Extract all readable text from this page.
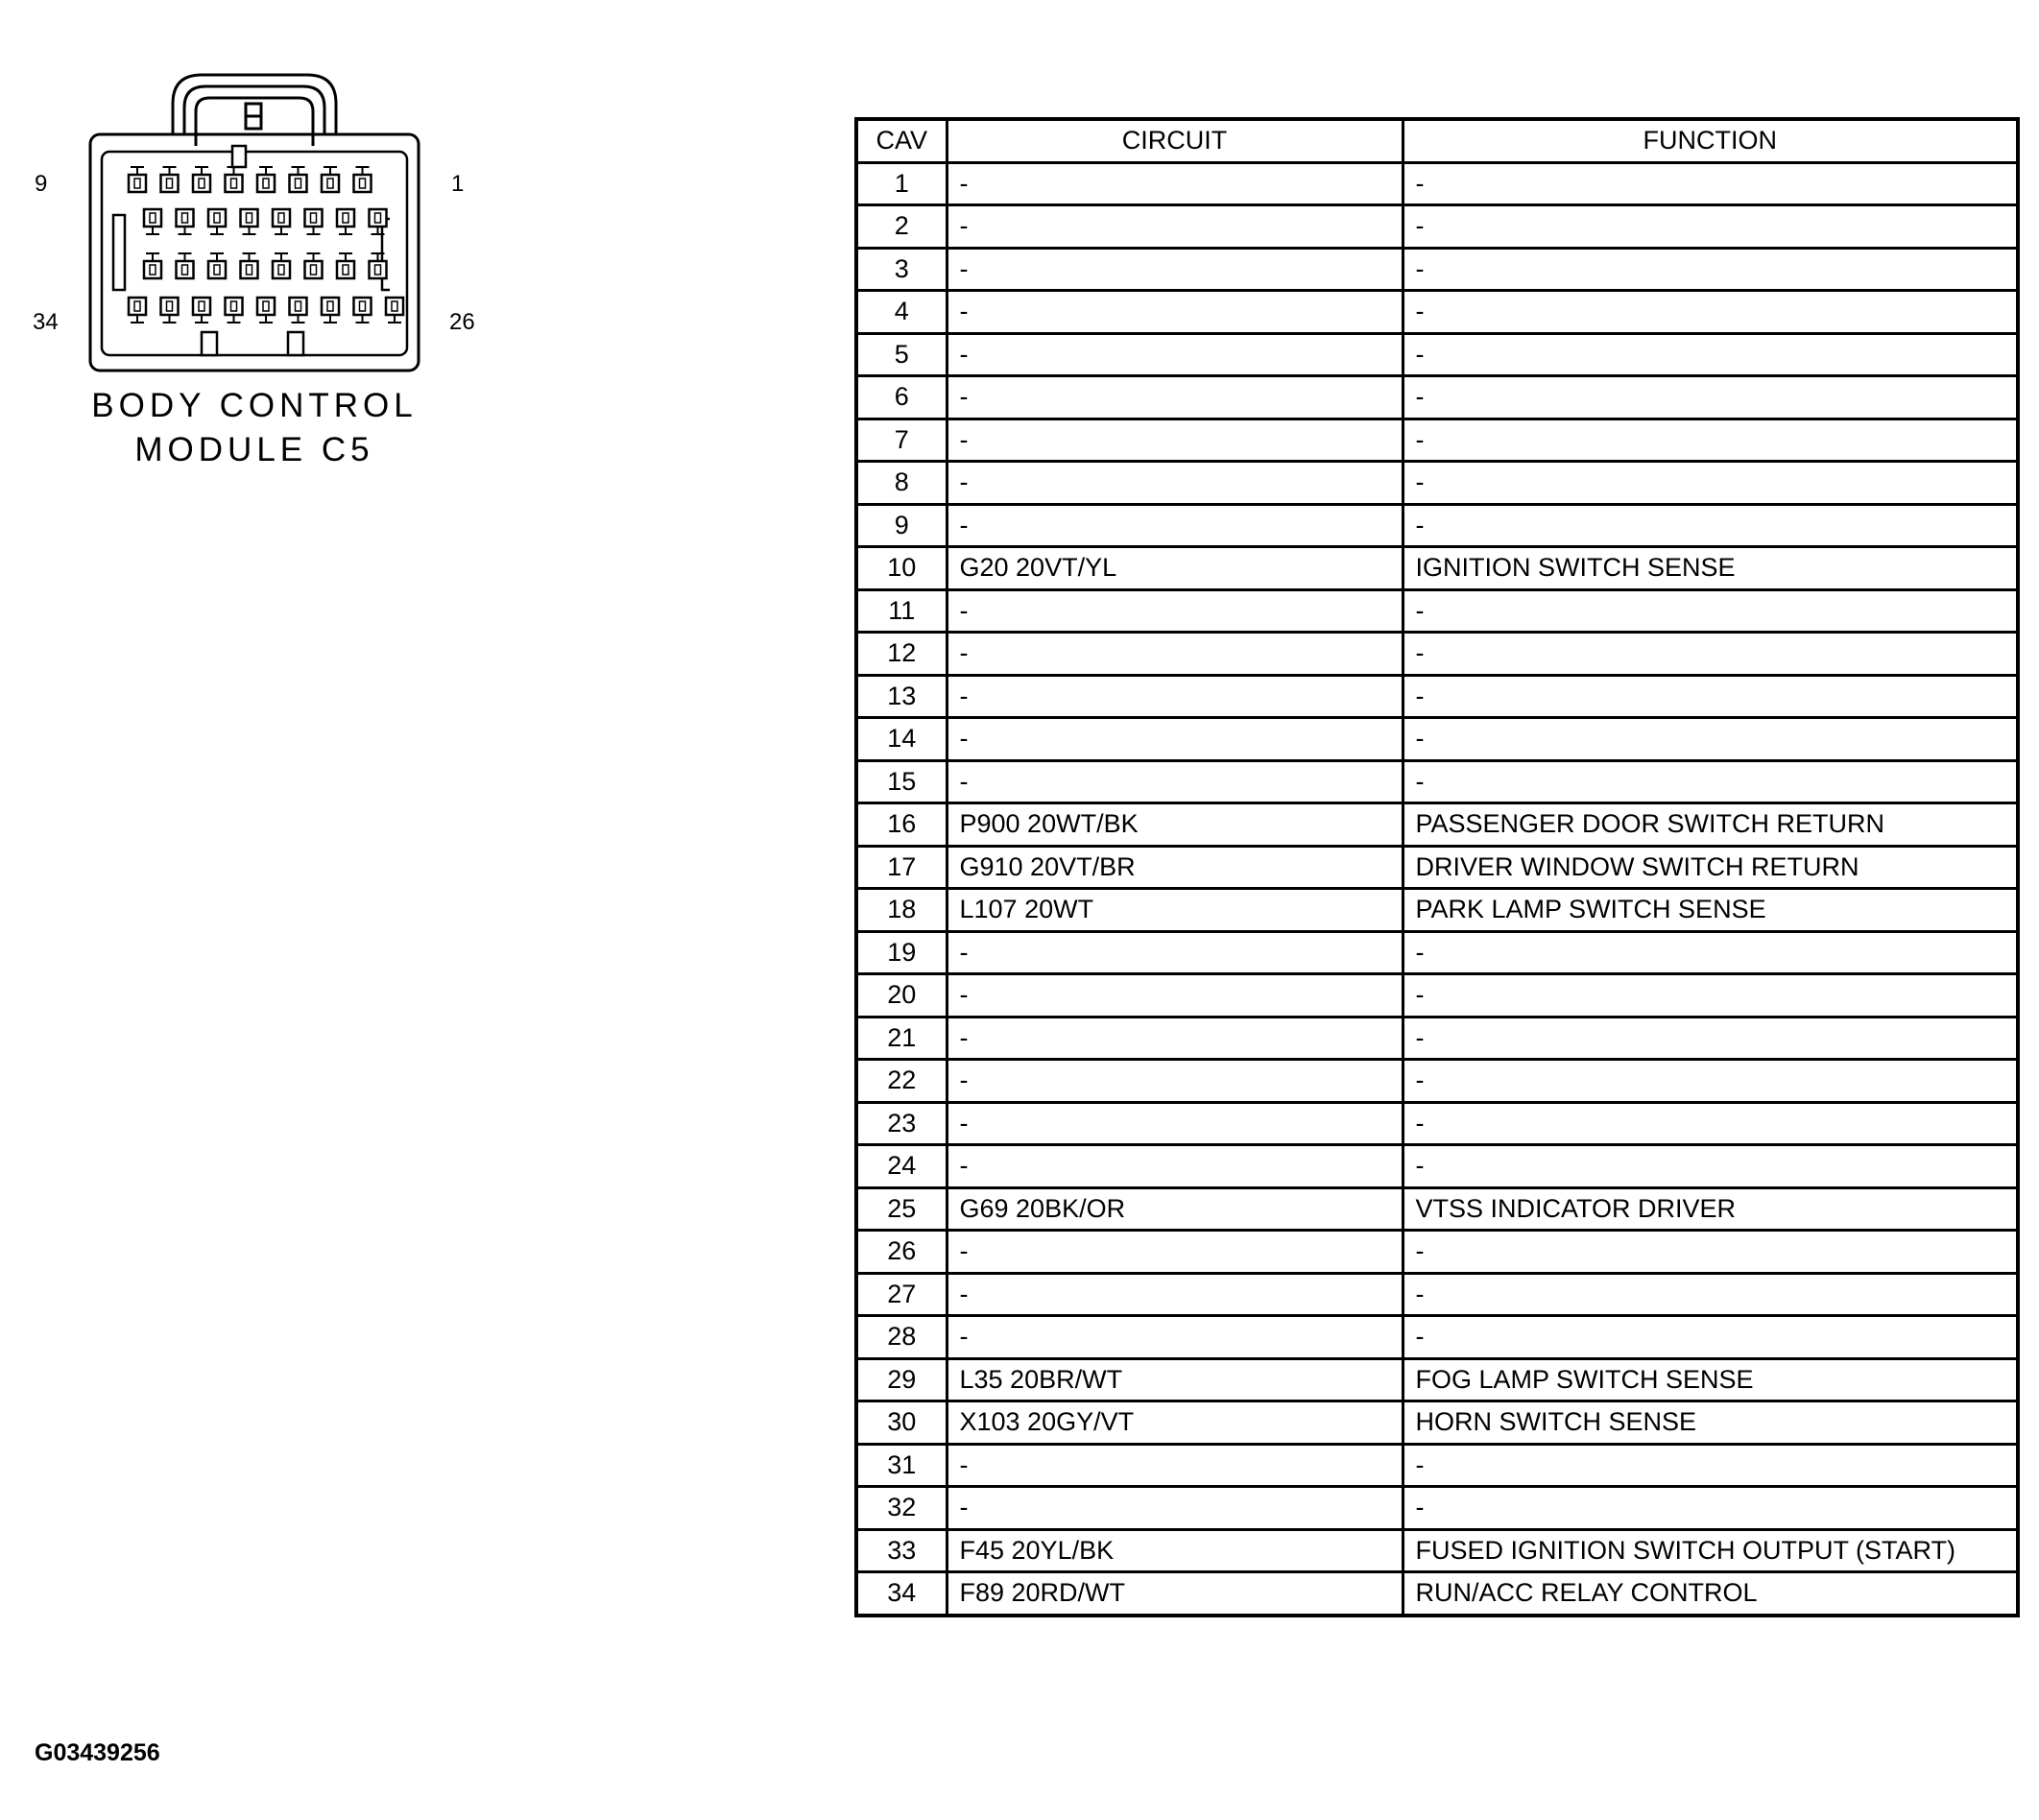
9	1
34	26
BODY CONTROL
MODULE C5
CAV	CIRCUIT	FUNCTION
1	-	-
2	-	-
3	-	-
4	-	-
5	-	-
6	-	-
7	-	-
8	-	-
9	-	-
10	G20 20VT/YL	IGNITION SWITCH SENSE
11	-	-
12	-	-
13	-	-
14	-	-
15	-	-
16	P900 20WT/BK	PASSENGER DOOR SWITCH RETURN
17	G910 20VT/BR	DRIVER WINDOW SWITCH RETURN
18	L107 20WT	PARK LAMP SWITCH SENSE
19	-	-
20	-	-
21	-	-
22	-	-
23	-	-
24	-	-
25	G69 20BK/OR	VTSS INDICATOR DRIVER
26	-	-
27	-	-
28	-	-
29	L35 20BR/WT	FOG LAMP SWITCH SENSE
30	X103 20GY/VT	HORN SWITCH SENSE
31	-	-
32	-	-
33	F45 20YL/BK	FUSED IGNITION SWITCH OUTPUT (START)
34	F89 20RD/WT	RUN/ACC RELAY CONTROL
G03439256
